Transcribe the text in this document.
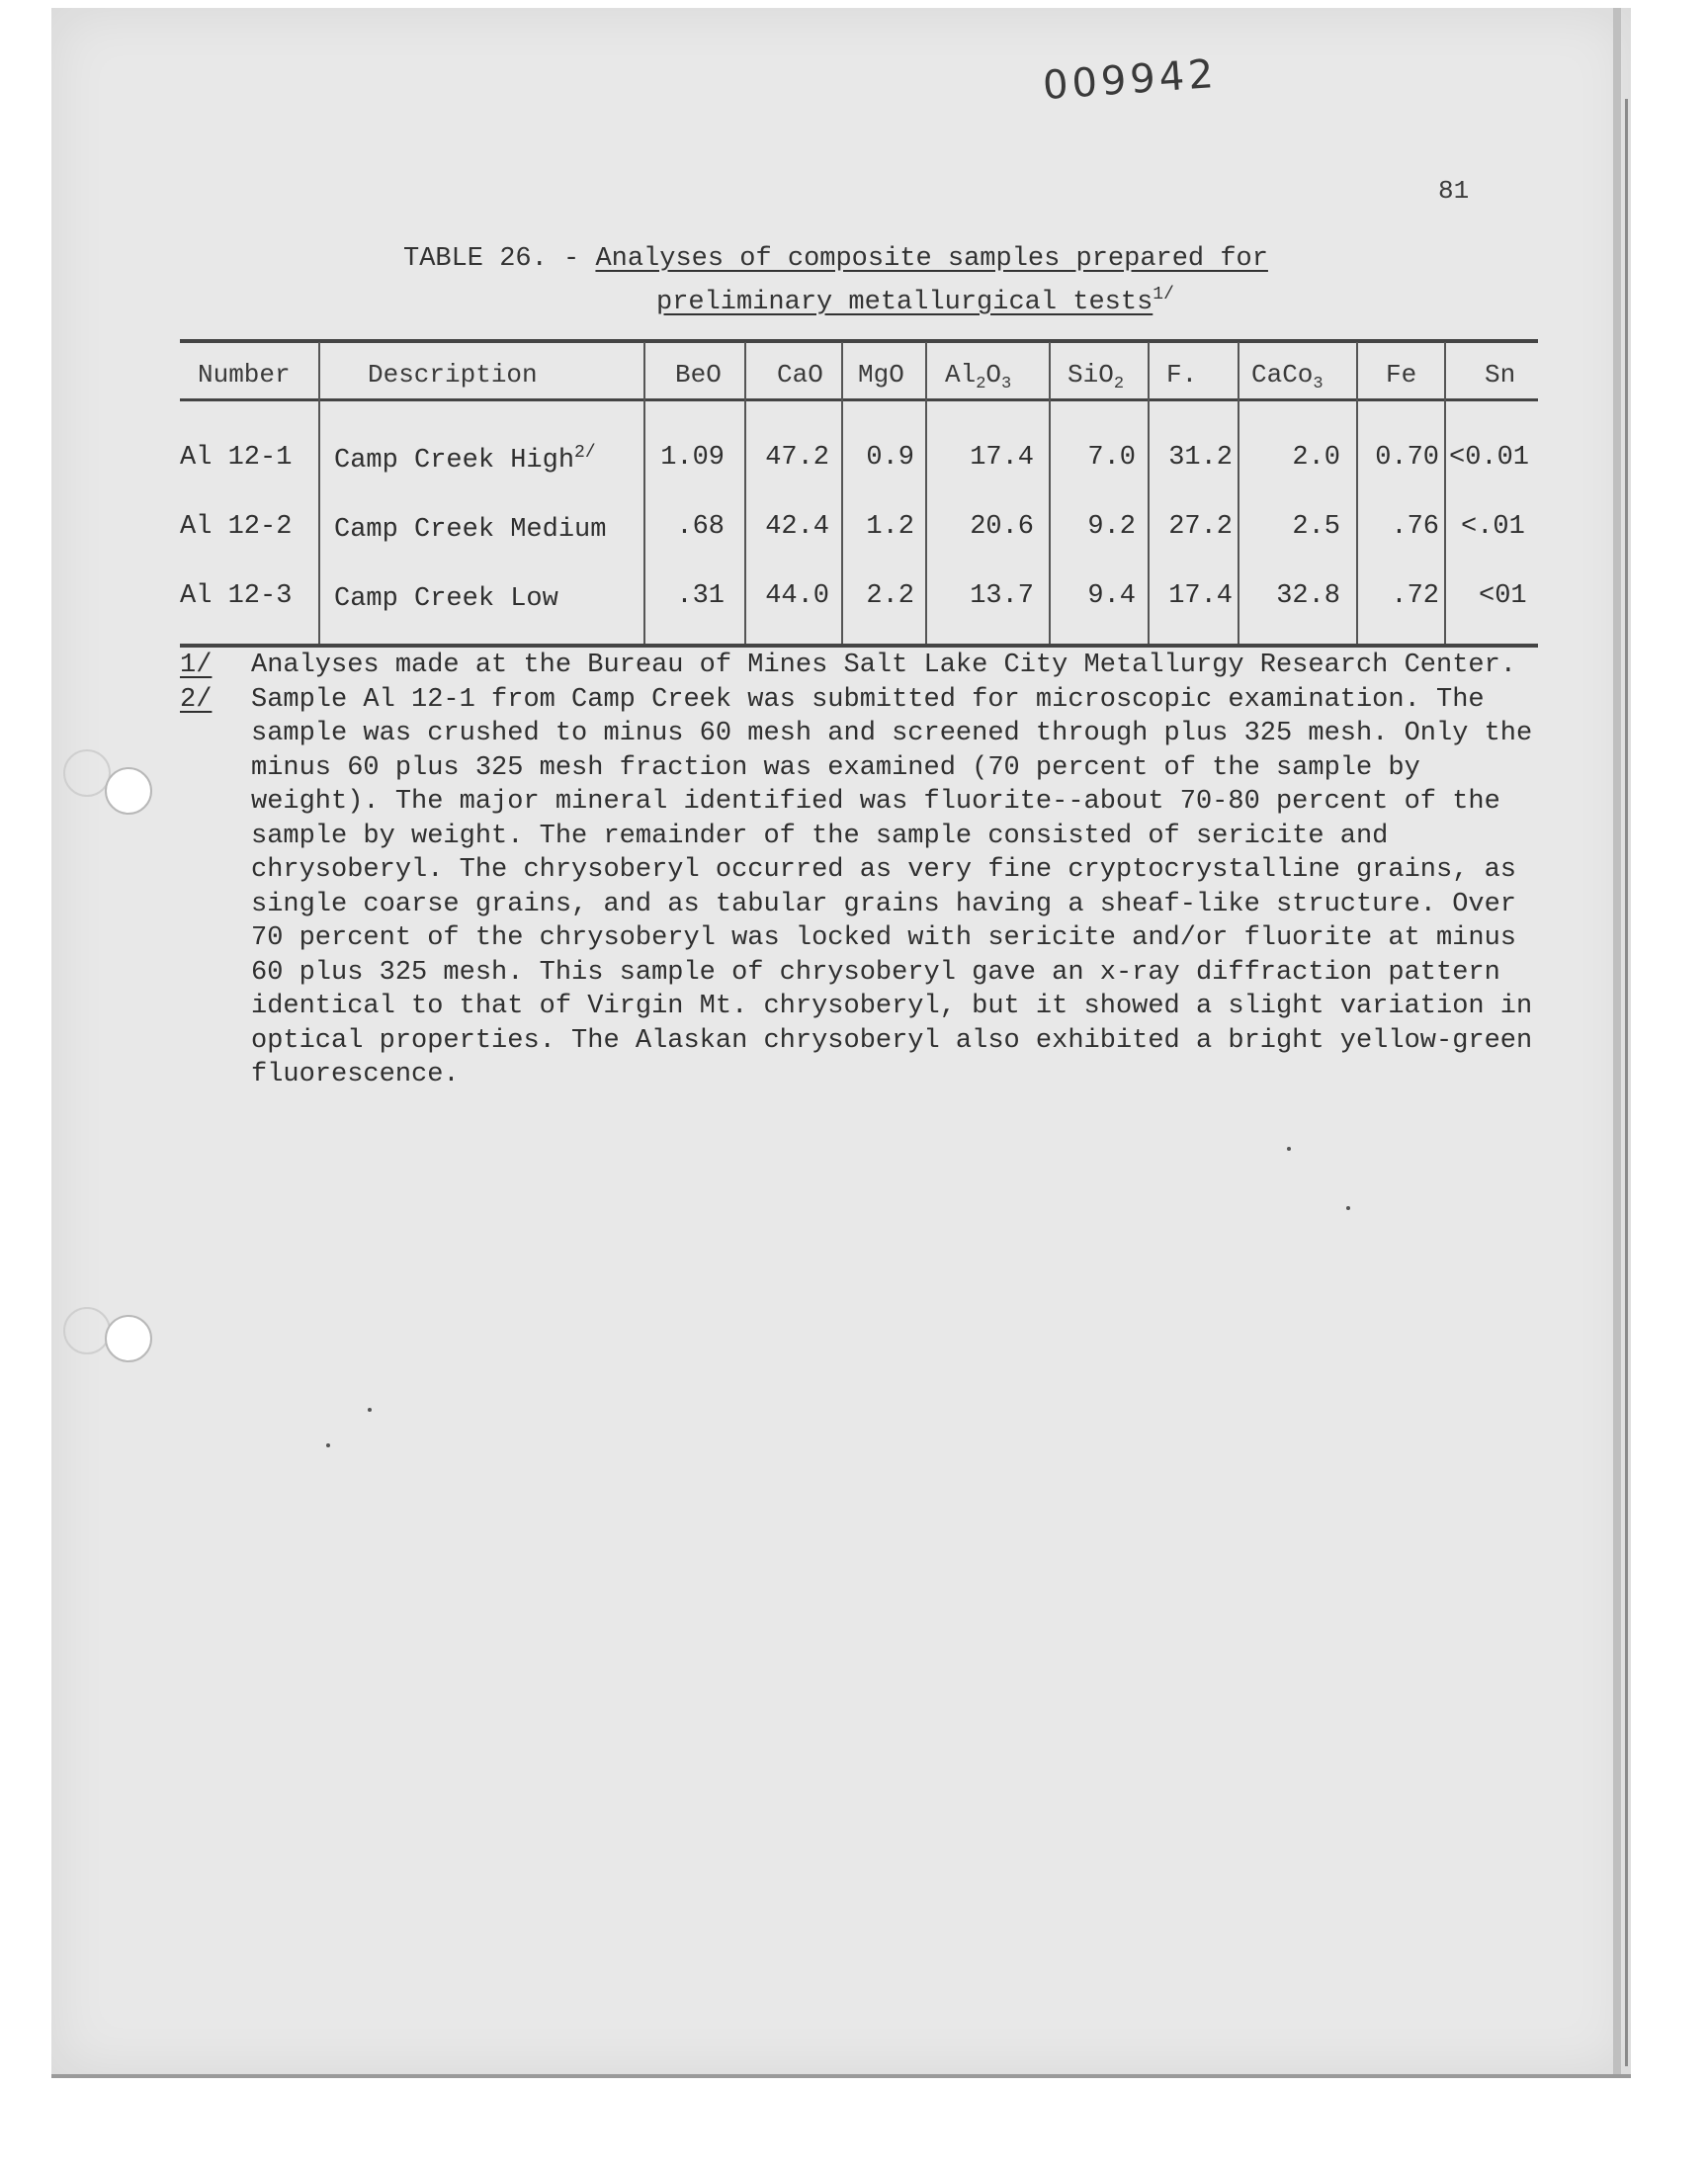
009942
81
TABLE 26. - Analyses of composite samples prepared for
preliminary metallurgical tests$^{1/}$
Number	Description	BeO CaO MgO $Al_2O_3$ SiO$_2$ F. CaCo$_3$ Fe	Sn
Al 12-1 Camp Creek High$^{2/}$	1.09	47.2	0.9	17.4	7.0	31.2	2.0	0.70 <0.01
Al 12-2 Camp Creek Medium	.68	42.4	1.2	20.6	9.2	27.2	2.5	.76 <.01
Al 12-3 Camp Creek Low	.31	44.0	2.2	13.7	9.4	17.4	32.8	.72 <01
1/ Analyses made at the Bureau of Mines Salt Lake City Metallurgy Research Center.
2/ Sample Al 12-1 from Camp Creek was submitted for microscopic examination. The sample was crushed to minus 60 mesh and screened through plus 325 mesh. Only the minus 60 plus 325 mesh fraction was examined (70 percent of the sample by weight). The major mineral identified was fluorite--about 70-80 percent of the sample by weight. The remainder of the sample consisted of sericite and chrysoberyl. The chrysoberyl occurred as very fine cryptocrystalline grains, as single coarse grains, and as tabular grains having a sheaf-like structure. Over 70 percent of the chrysoberyl was locked with sericite and/or fluorite at minus 60 plus 325 mesh. This sample of chrysoberyl gave an x-ray diffraction pattern identical to that of Virgin Mt. chrysoberyl, but it showed a slight variation in optical properties. The Alaskan chrysoberyl also exhibited a bright yellow-green fluorescence.
